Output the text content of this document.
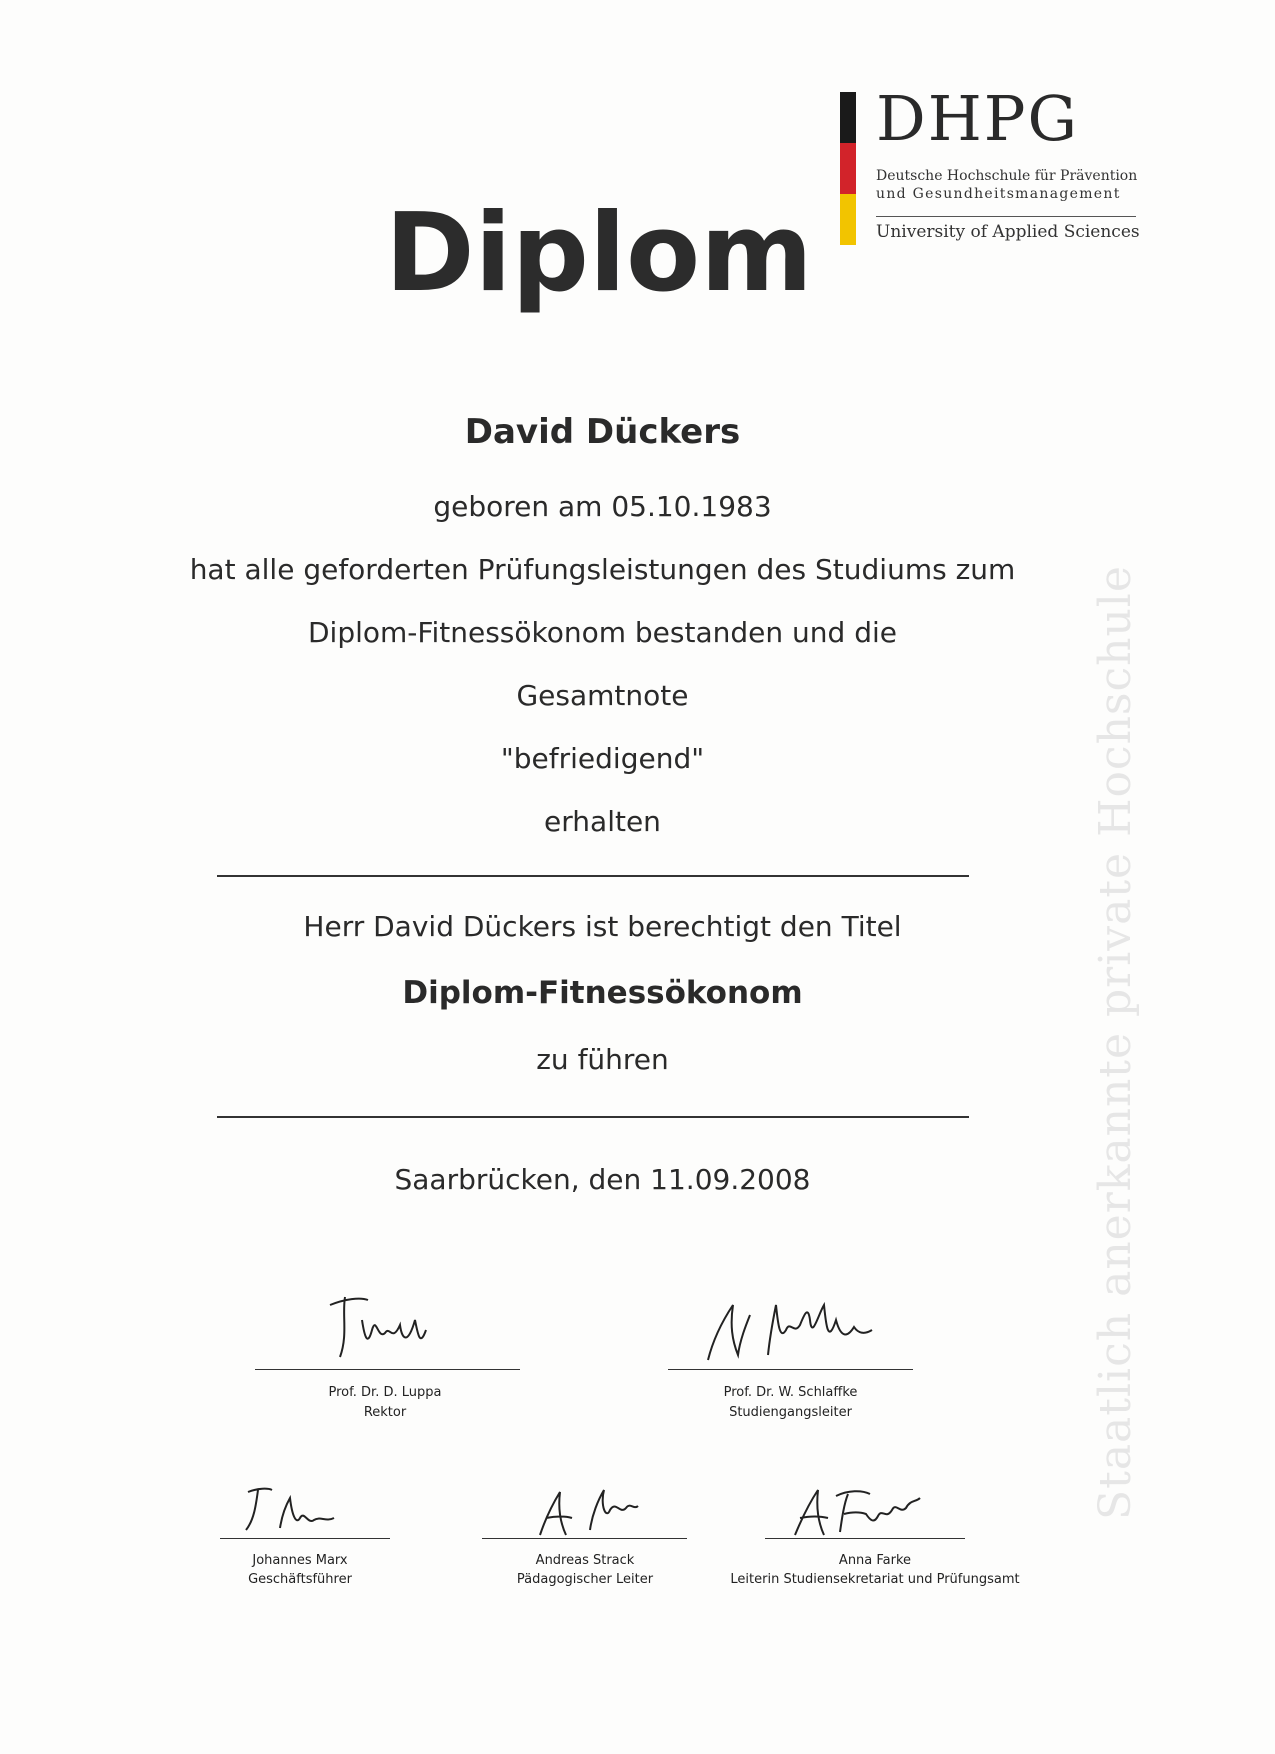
DHPG
Deutsche Hochschule für Prävention
und Gesundheitsmanagement
University of Applied Sciences
Diplom
David Dückers
geboren am 05.10.1983
hat alle geforderten Prüfungsleistungen des Studiums zum
Diplom-Fitnessökonom bestanden und die
Gesamtnote
"befriedigend"
erhalten
Herr David Dückers ist berechtigt den Titel
Diplom-Fitnessökonom
zu führen
Saarbrücken, den 11.09.2008	Staatlich anerkannte private Hochschule
Prof. Dr. D. Luppa
Rektor
Prof. Dr. W. Schlaffke
Studiengangsleiter
Johannes Marx
Geschäftsführer
Andreas Strack
Pädagogischer Leiter
Anna Farke
Leiterin Studiensekretariat und Prüfungsamt
